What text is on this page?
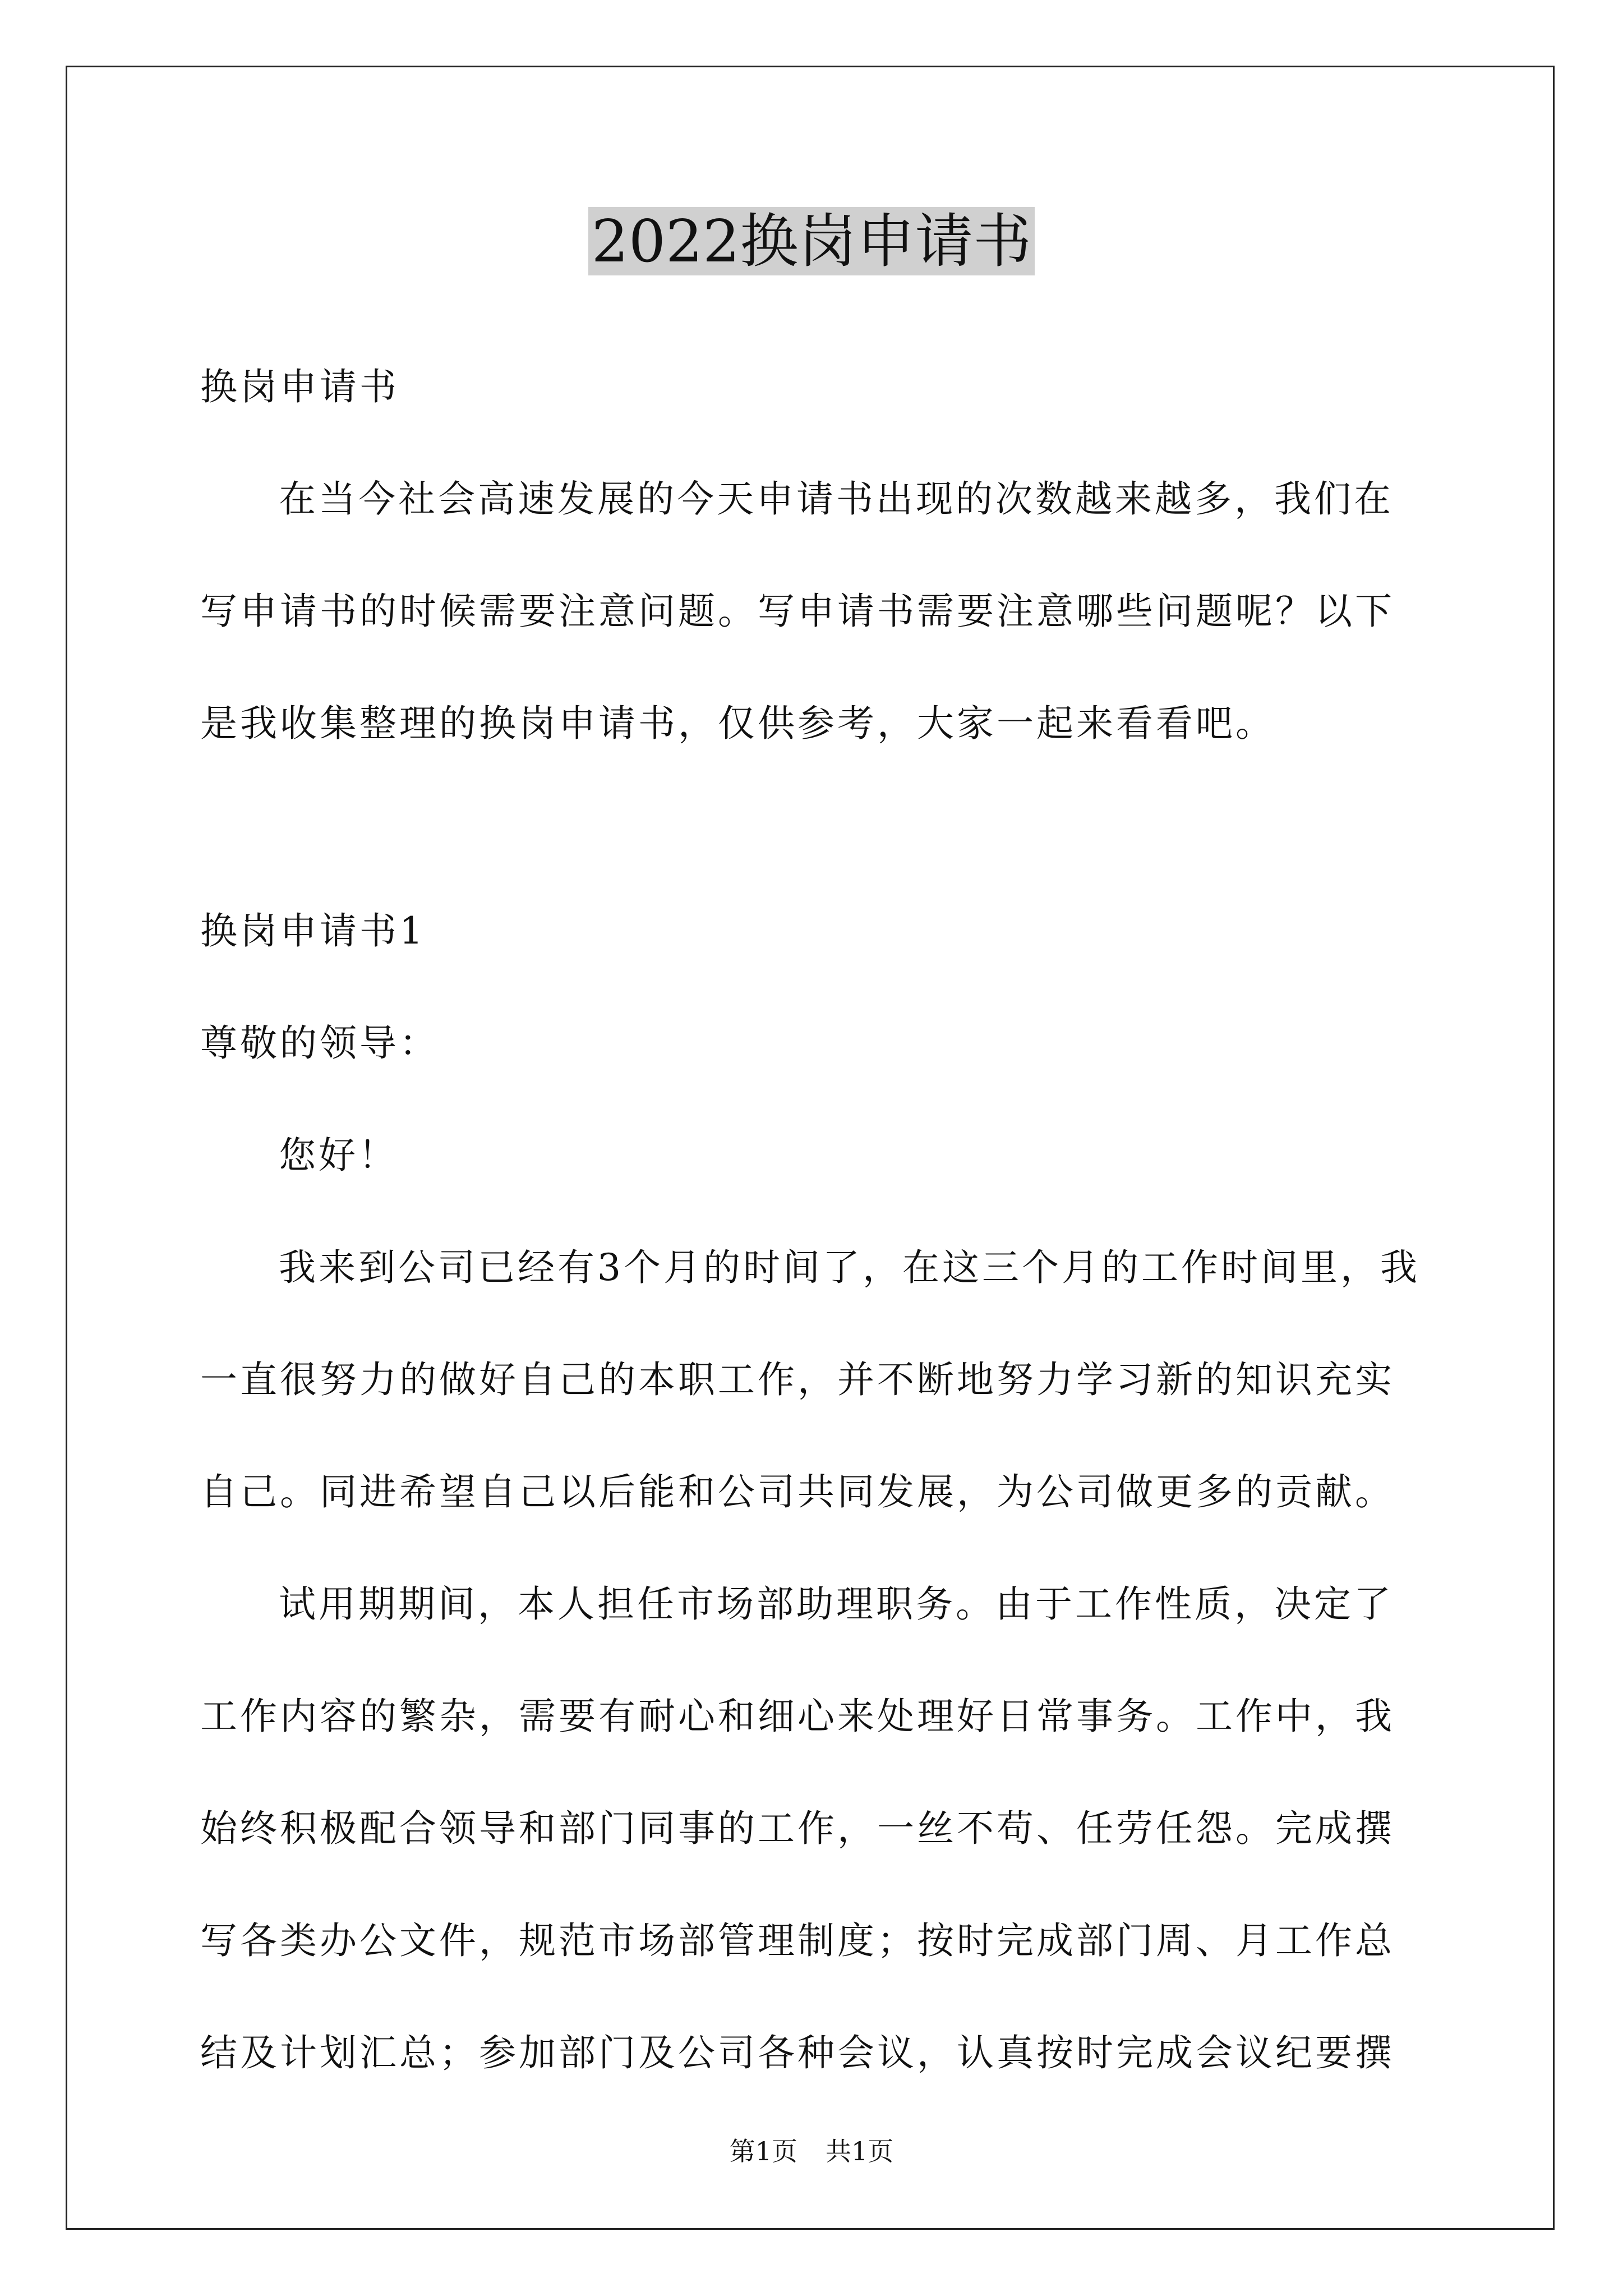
2022换岗申请书

换岗申请书

在当今社会高速发展的今天申请书出现的次数越来越多，我们在写申请书的时候需要注意问题。写申请书需要注意哪些问题呢？以下是我收集整理的换岗申请书，仅供参考，大家一起来看看吧。

换岗申请书1

尊敬的领导：

您好！

我来到公司已经有3个月的时间了，在这三个月的工作时间里，我一直很努力的做好自己的本职工作，并不断地努力学习新的知识充实自己。同进希望自己以后能和公司共同发展，为公司做更多的贡献。

试用期期间，本人担任市场部助理职务。由于工作性质，决定了工作内容的繁杂，需要有耐心和细心来处理好日常事务。工作中，我始终积极配合领导和部门同事的工作，一丝不苟、任劳任怨。完成撰写各类办公文件，规范市场部管理制度；按时完成部门周、月工作总结及计划汇总；参加部门及公司各种会议，认真按时完成会议纪要撰

第1页 共1页
